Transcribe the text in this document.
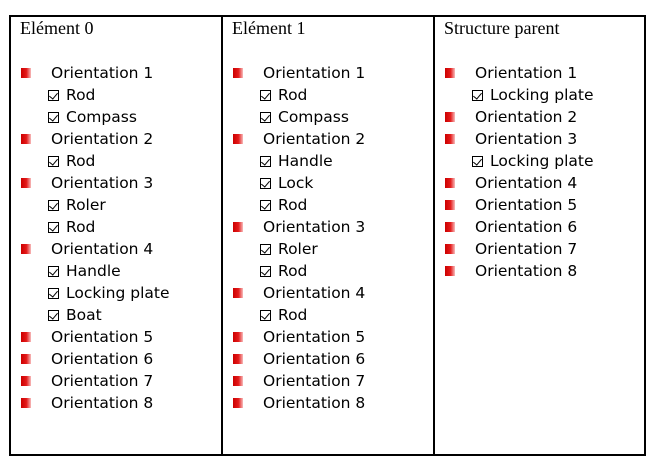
Elément 0
Orientation 1
Rod
Compass
Orientation 2
Rod
Orientation 3
Roler
Rod
Orientation 4
Handle
Locking plate
Boat
Orientation 5
Orientation 6
Orientation 7
Orientation 8
Elément 1
Orientation 1
Rod
Compass
Orientation 2
Handle
Lock
Rod
Orientation 3
Roler
Rod
Orientation 4
Rod
Orientation 5
Orientation 6
Orientation 7
Orientation 8
Structure parent
Orientation 1
Locking plate
Orientation 2
Orientation 3
Locking plate
Orientation 4
Orientation 5
Orientation 6
Orientation 7
Orientation 8
